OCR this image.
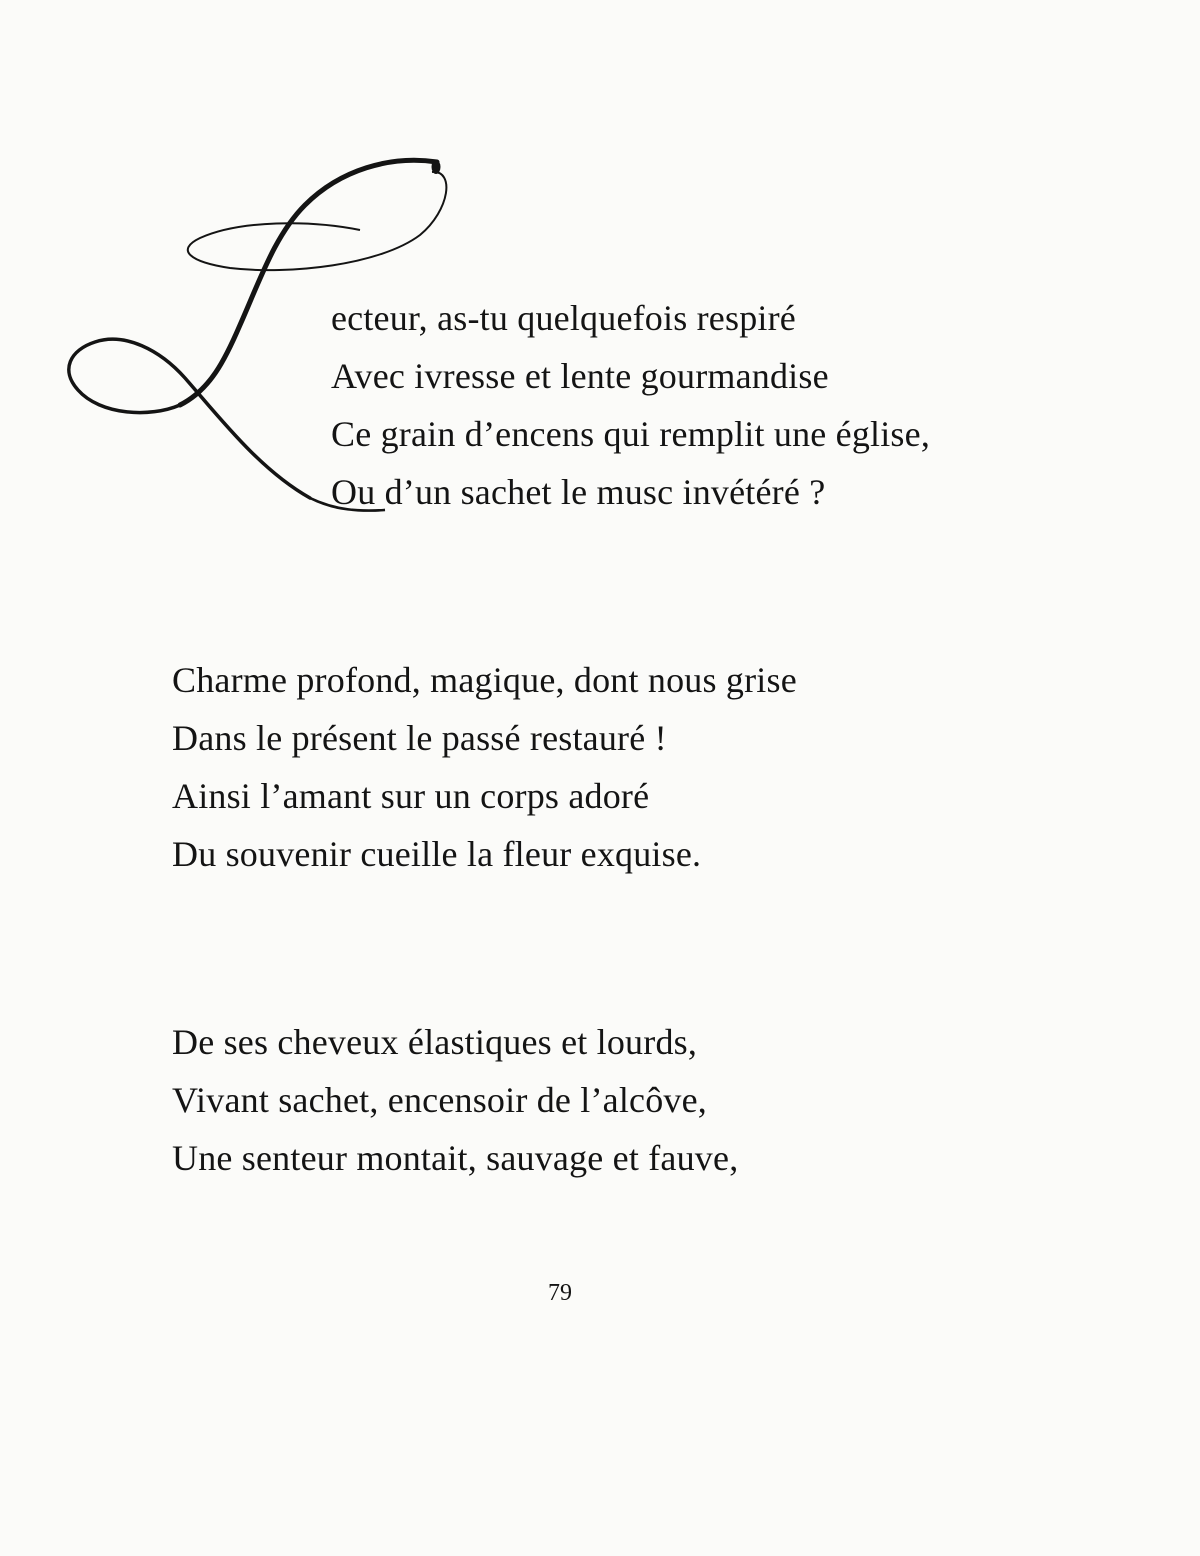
ecteur, as-tu quelquefois respiré
Avec ivresse et lente gourmandise
Ce grain d’encens qui remplit une église,
Ou d’un sachet le musc invétéré ?
Charme profond, magique, dont nous grise
Dans le présent le passé restauré !
Ainsi l’amant sur un corps adoré
Du souvenir cueille la fleur exquise.
De ses cheveux élastiques et lourds,
Vivant sachet, encensoir de l’alcôve,
Une senteur montait, sauvage et fauve,
79
